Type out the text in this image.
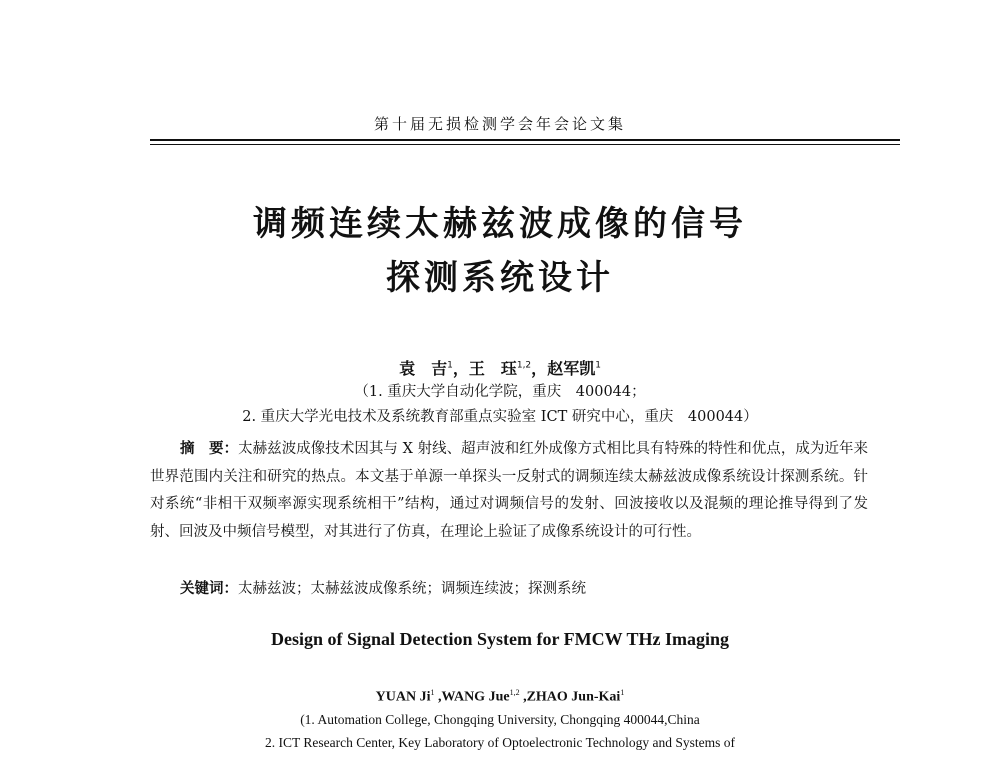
第十届无损检测学会年会论文集
调频连续太赫兹波成像的信号
探测系统设计
袁　吉$^1$，王　珏$^{1,2}$，赵军凯$^1$
（1. 重庆大学自动化学院，重庆　400044；
2. 重庆大学光电技术及系统教育部重点实验室 ICT 研究中心，重庆　400044）

摘　要：太赫兹波成像技术因其与 X 射线、超声波和红外成像方式相比具有特殊的特性和优点，成为近年来世界范围内关注和研究的热点。本文基于单源一单探头一反射式的调频连续太赫兹波成像系统设计探测系统。针对系统“非相干双频率源实现系统相干”结构，通过对调频信号的发射、回波接收以及混频的理论推导得到了发射、回波及中频信号模型，对其进行了仿真，在理论上验证了成像系统设计的可行性。

关键词：太赫兹波；太赫兹波成像系统；调频连续波；探测系统
Design of Signal Detection System for FMCW THz Imaging
YUAN Ji$^1$ ,WANG Jue$^{1,2}$ ,ZHAO Jun-Kai$^1$
(1. Automation College, Chongqing University, Chongqing 400044,China
2. ICT Research Center, Key Laboratory of Optoelectronic Technology and Systems of
